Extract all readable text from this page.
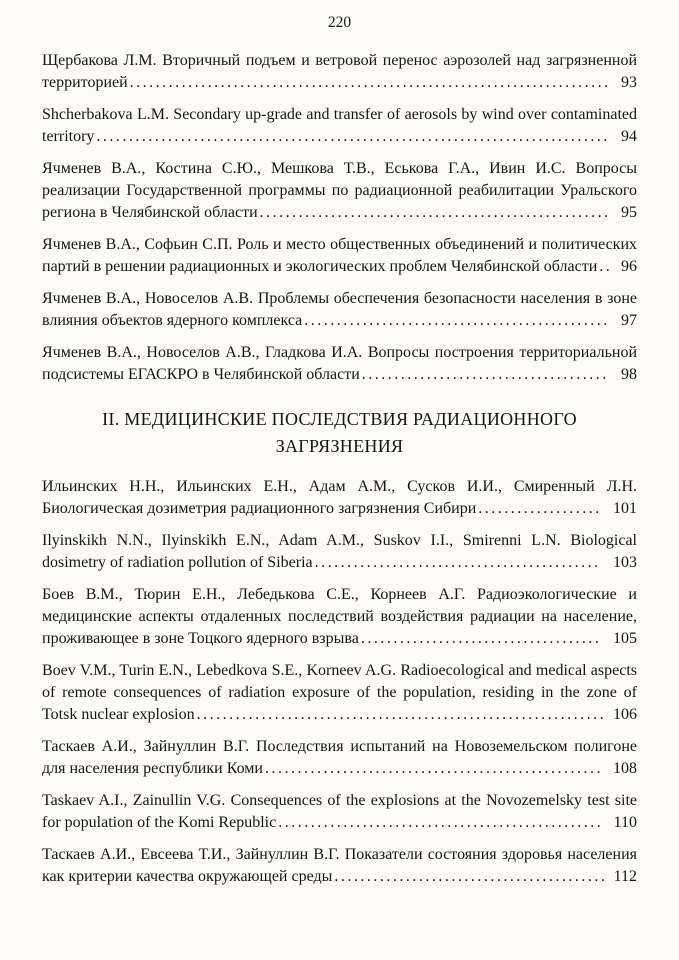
220

Щербакова Л.М. Вторичный подъем и ветровой перенос аэрозолей над загрязненной территорией .......................................................................... 93

Shcherbakova L.M. Secondary up-grade and transfer of aerosols by wind over contaminated territory ............................................................................... 94

Ячменев В.А., Костина С.Ю., Мешкова Т.В., Еськова Г.А., Ивин И.С. Вопросы реализации Государственной программы по радиационной реабилитации Уральского региона в Челябинской области ...................................................... 95

Ячменев В.А., Софьин С.П. Роль и место общественных объединений и политических партий в решении радиационных и экологических проблем Челябинской области .. 96

Ячменев В.А., Новоселов А.В. Проблемы обеспечения безопасности населения в зоне влияния объектов ядерного комплекса ............................................... 97

Ячменев В.А., Новоселов А.В., Гладкова И.А. Вопросы построения территориальной подсистемы ЕГАСКРО в Челябинской области ...................................... 98

II. МЕДИЦИНСКИЕ ПОСЛЕДСТВИЯ РАДИАЦИОННОГО ЗАГРЯЗНЕНИЯ

Ильинских Н.Н., Ильинских Е.Н., Адам А.М., Сусков И.И., Смиренный Л.Н. Биологическая дозиметрия радиационного загрязнения Сибири ................... 101

Ilyinskikh N.N., Ilyinskikh E.N., Adam A.M., Suskov I.I., Smirenni L.N. Biological dosimetry of radiation pollution of Siberia ............................................ 103

Боев В.М., Тюрин Е.Н., Лебедькова С.Е., Корнеев А.Г. Радиоэкологические и медицинские аспекты отдаленных последствий воздействия радиации на население, проживающее в зоне Тоцкого ядерного взрыва ..................................... 105

Boev V.M., Turin E.N., Lebedkova S.E., Korneev A.G. Radioecological and medical aspects of remote consequences of radiation exposure of the population, residing in the zone of Totsk nuclear explosion ............................................................... 106

Таскаев А.И., Зайнуллин В.Г. Последствия испытаний на Новоземельском полигоне для населения республики Коми .................................................... 108

Taskaev A.I., Zainullin V.G. Consequences of the explosions at the Novozemelsky test site for population of the Komi Republic .................................................. 110

Таскаев А.И., Евсеева Т.И., Зайнуллин В.Г. Показатели состояния здоровья населения как критерии качества окружающей среды .......................................... 112
